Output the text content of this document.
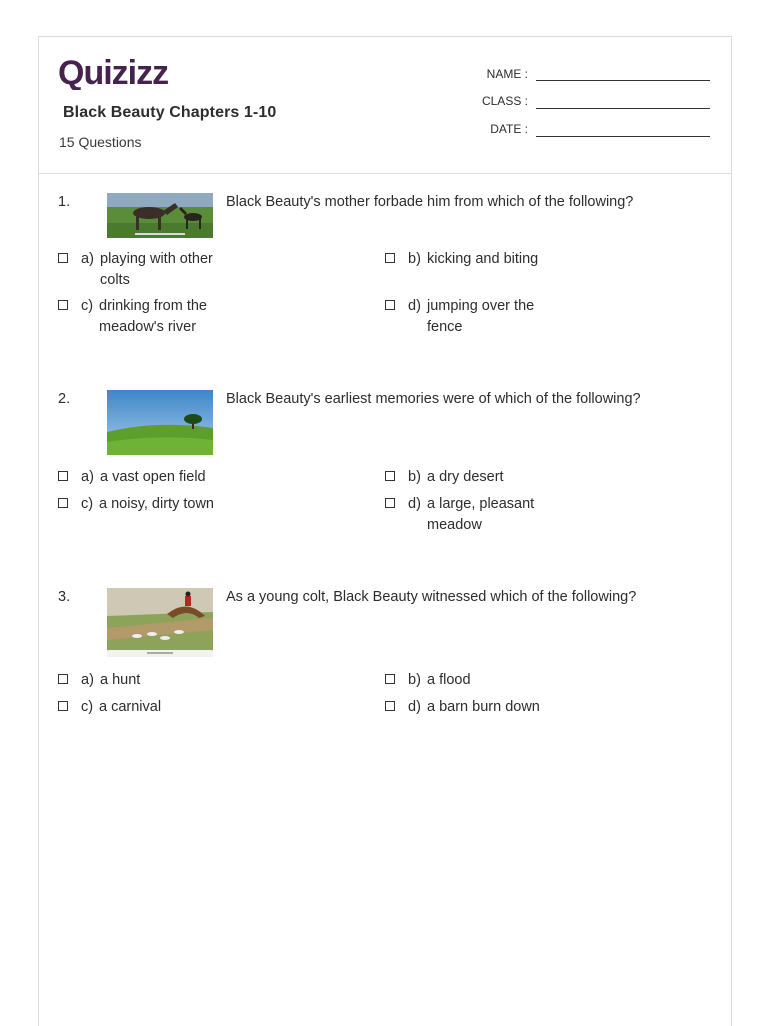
Quizizz
Black Beauty Chapters 1-10
15 Questions
NAME :
CLASS :
DATE :
1.	Black Beauty's mother forbade him from which of the following?
a) playing with other colts
b) kicking and biting
c) drinking from the meadow's river
d) jumping over the fence
2.	Black Beauty's earliest memories were of which of the following?
a) a vast open field	b) a dry desert
c) a noisy, dirty town	d) a large, pleasant meadow
3.	As a young colt, Black Beauty witnessed which of the following?
a) a hunt	b) a flood
c) a carnival	d) a barn burn down
